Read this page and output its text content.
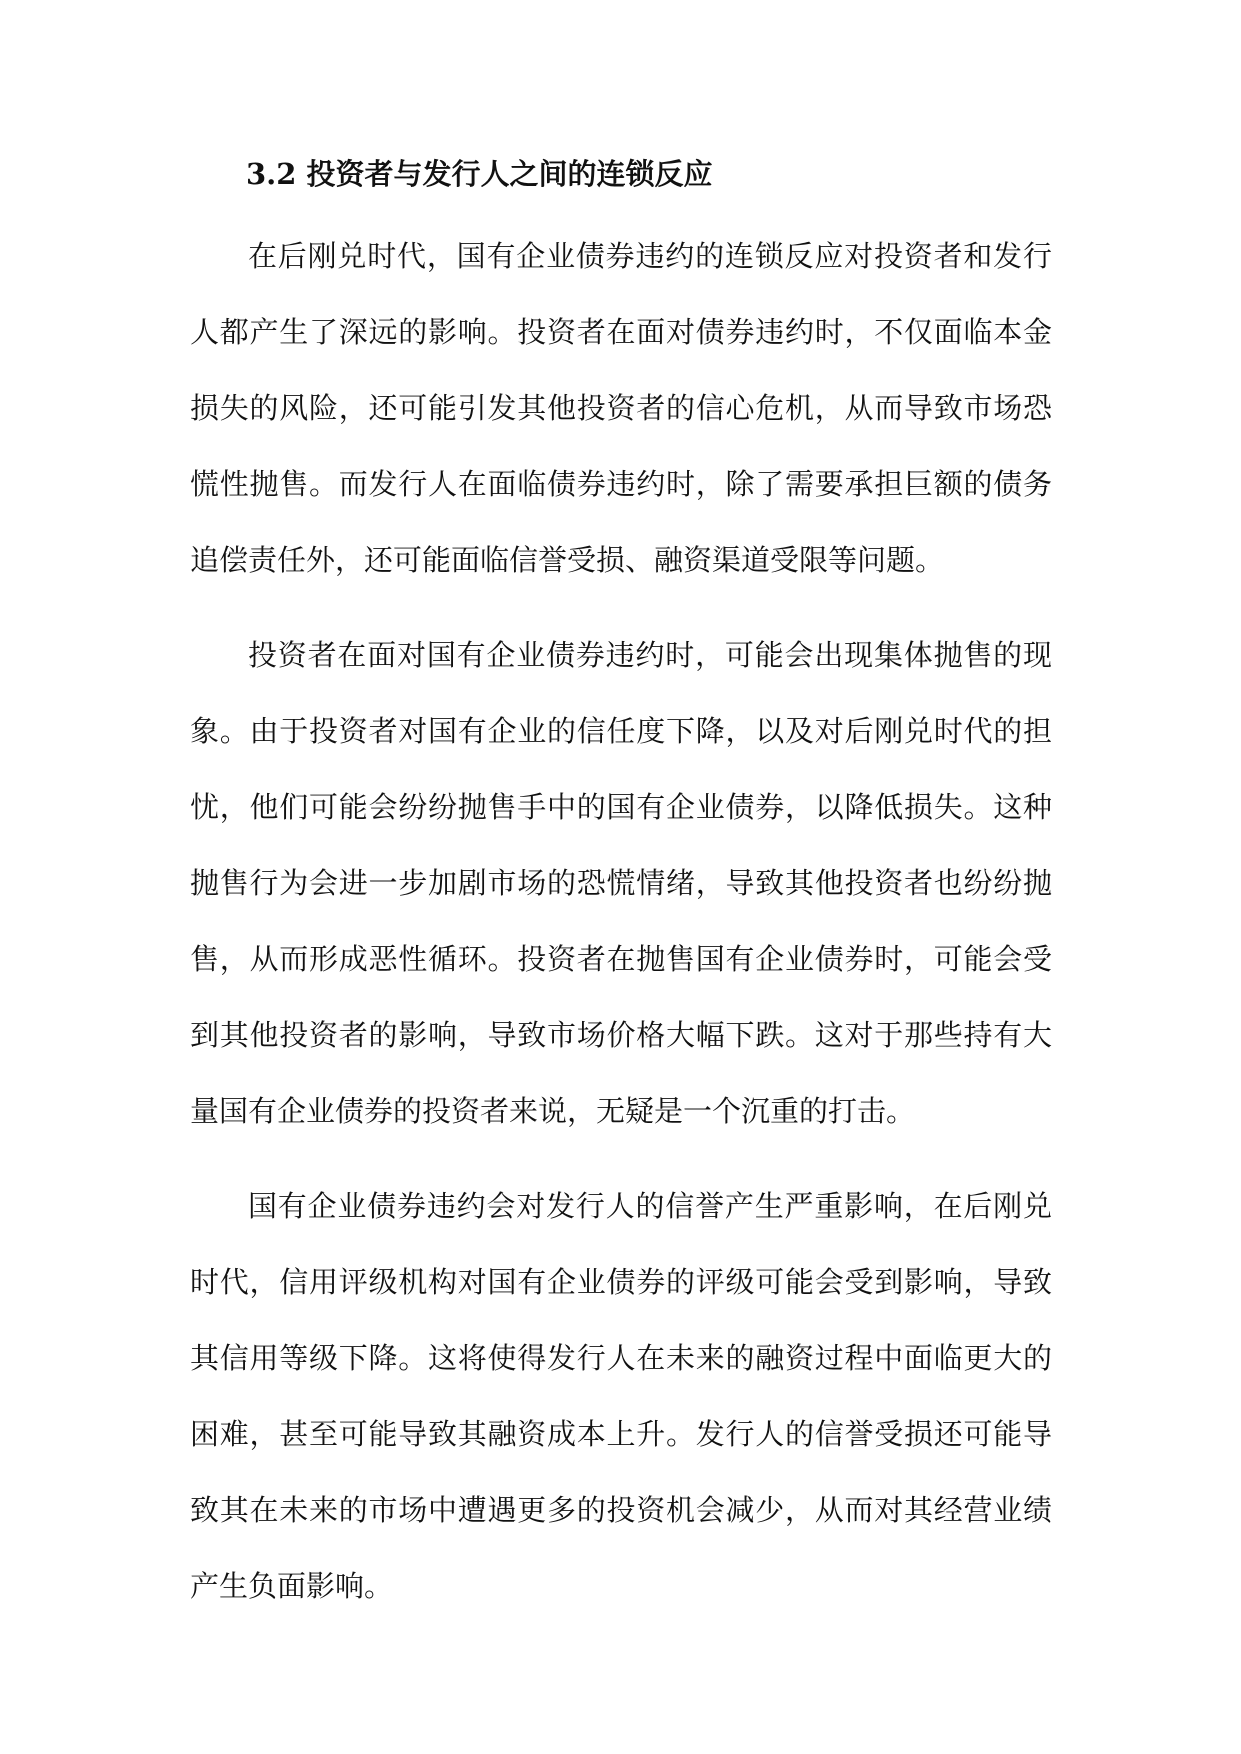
3.2 投资者与发行人之间的连锁反应

在后刚兑时代，国有企业债券违约的连锁反应对投资者和发行人都产生了深远的影响。投资者在面对债券违约时，不仅面临本金损失的风险，还可能引发其他投资者的信心危机，从而导致市场恐慌性抛售。而发行人在面临债券违约时，除了需要承担巨额的债务追偿责任外，还可能面临信誉受损、融资渠道受限等问题。

投资者在面对国有企业债券违约时，可能会出现集体抛售的现象。由于投资者对国有企业的信任度下降，以及对后刚兑时代的担忧，他们可能会纷纷抛售手中的国有企业债券，以降低损失。这种抛售行为会进一步加剧市场的恐慌情绪，导致其他投资者也纷纷抛售，从而形成恶性循环。投资者在抛售国有企业债券时，可能会受到其他投资者的影响，导致市场价格大幅下跌。这对于那些持有大量国有企业债券的投资者来说，无疑是一个沉重的打击。

国有企业债券违约会对发行人的信誉产生严重影响，在后刚兑时代，信用评级机构对国有企业债券的评级可能会受到影响，导致其信用等级下降。这将使得发行人在未来的融资过程中面临更大的困难，甚至可能导致其融资成本上升。发行人的信誉受损还可能导致其在未来的市场中遭遇更多的投资机会减少，从而对其经营业绩产生负面影响。
